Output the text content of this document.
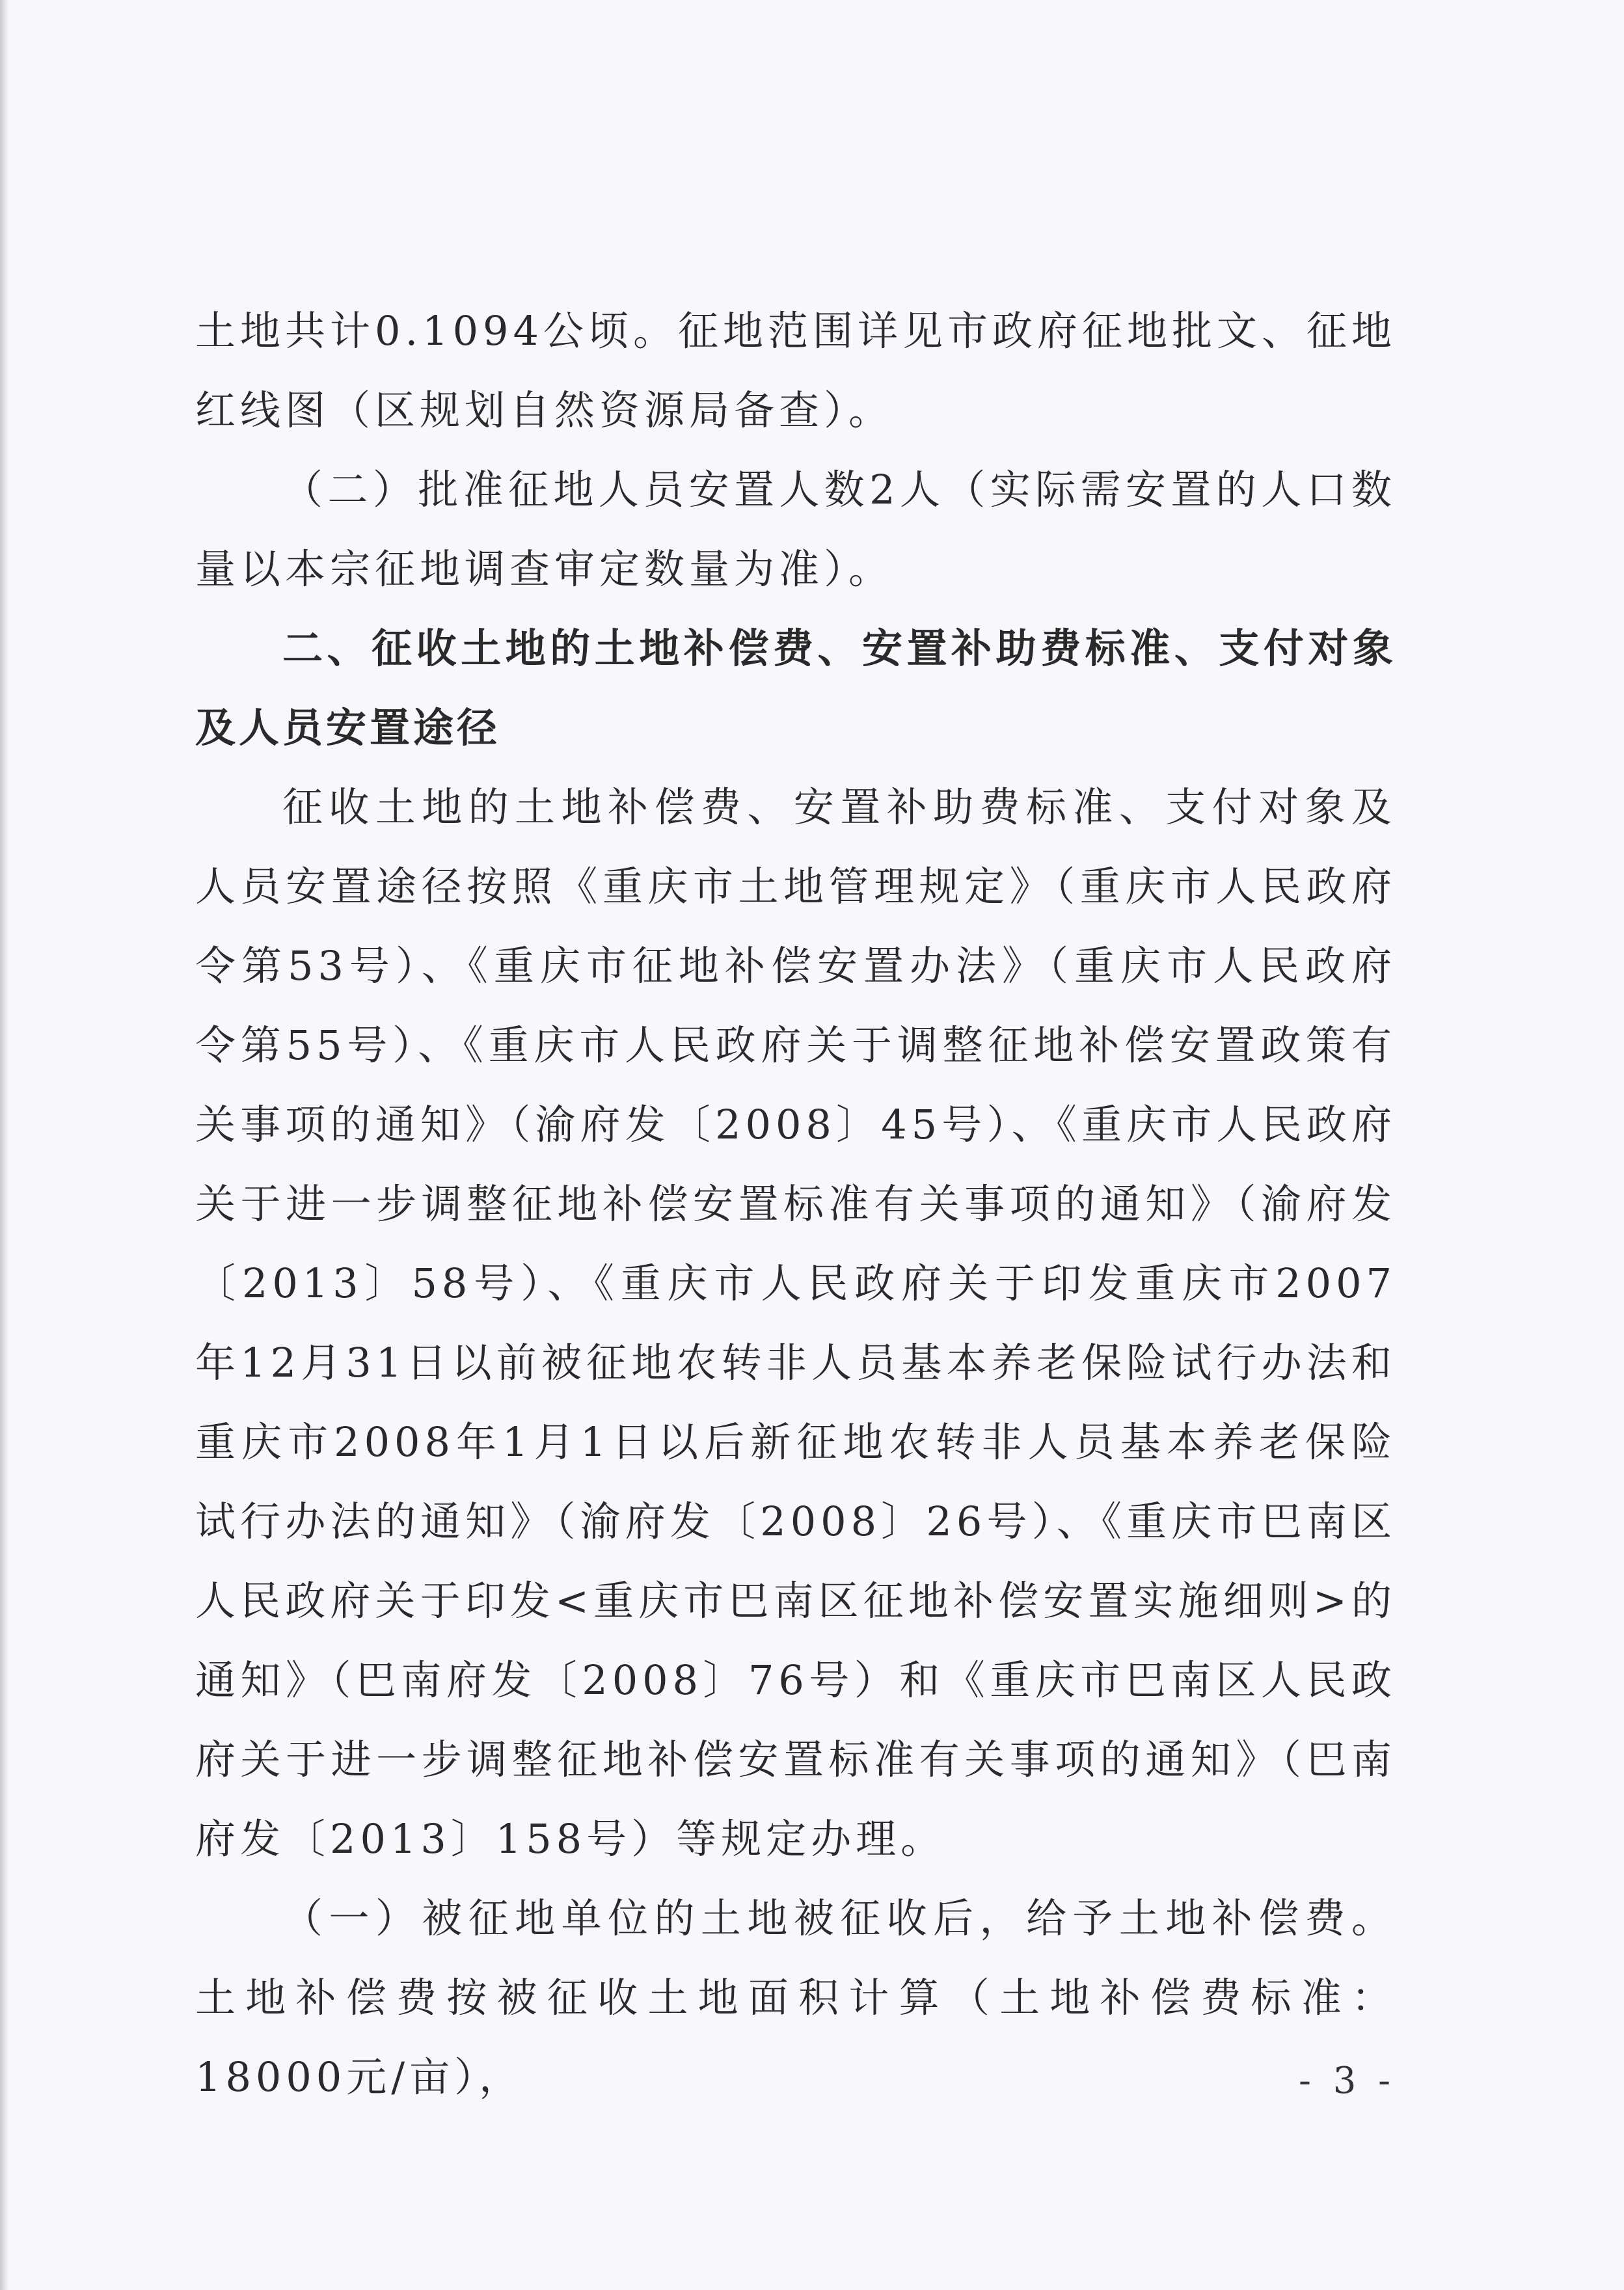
土地共计0.1094公顷。征地范围详见市政府征地批文、征地红线图（区规划自然资源局备查）。

（二）批准征地人员安置人数2人（实际需安置的人口数量以本宗征地调查审定数量为准）。

二、征收土地的土地补偿费、安置补助费标准、支付对象及人员安置途径

征收土地的土地补偿费、安置补助费标准、支付对象及人员安置途径按照《重庆市土地管理规定》（重庆市人民政府令第53号）、《重庆市征地补偿安置办法》（重庆市人民政府令第55号）、《重庆市人民政府关于调整征地补偿安置政策有关事项的通知》（渝府发〔2008〕45号）、《重庆市人民政府关于进一步调整征地补偿安置标准有关事项的通知》（渝府发〔2013〕58号）、《重庆市人民政府关于印发重庆市2007年12月31日以前被征地农转非人员基本养老保险试行办法和重庆市2008年1月1日以后新征地农转非人员基本养老保险试行办法的通知》（渝府发〔2008〕26号）、《重庆市巴南区人民政府关于印发<重庆市巴南区征地补偿安置实施细则>的通知》（巴南府发〔2008〕76号）和《重庆市巴南区人民政府关于进一步调整征地补偿安置标准有关事项的通知》（巴南府发〔2013〕158号）等规定办理。

（一）被征地单位的土地被征收后，给予土地补偿费。土地补偿费按被征收土地面积计算（土地补偿费标准：18000元/亩），	- 3 -
